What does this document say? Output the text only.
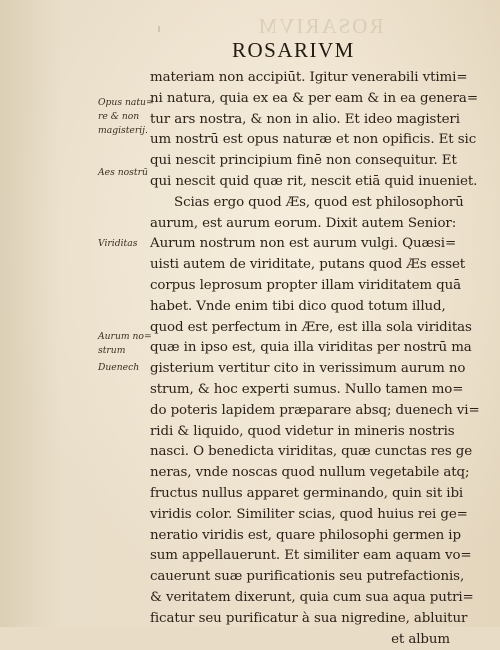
ROSARIVM
ROSARIVM
Opus natu=
re & non
magisterij.
Aes nostrū
Viriditas
Aurum no=
strum
Duenech
materiam non accipiūt. Igitur venerabili vtimi=
ni natura, quia ex ea & per eam & in ea genera=
tur ars nostra, & non in alio. Et ideo magisteri
um nostrū est opus naturæ et non opificis. Et sic
qui nescit principium finē non consequitur. Et
qui nescit quid quæ rit, nescit etiā quid inueniet.
Scias ergo quod Æs, quod est philosophorū
aurum, est aurum eorum. Dixit autem Senior:
Aurum nostrum non est aurum vulgi. Quæsi=
uisti autem de viriditate, putans quod Æs esset
corpus leprosum propter illam viriditatem quā
habet. Vnde enim tibi dico quod totum illud,
quod est perfectum in Ære, est illa sola viriditas
quæ in ipso est, quia illa viriditas per nostrū ma
gisterium vertitur cito in verissimum aurum no
strum, & hoc experti sumus. Nullo tamen mo=
do poteris lapidem præparare absq; duenech vi=
ridi & liquido, quod videtur in mineris nostris
nasci. O benedicta viriditas, quæ cunctas res ge
neras, vnde noscas quod nullum vegetabile atq;
fructus nullus apparet germinando, quin sit ibi
viridis color. Similiter scias, quod huius rei ge=
neratio viridis est, quare philosophi germen ip
sum appellauerunt. Et similiter eam aquam vo=
cauerunt suæ purificationis seu putrefactionis,
& veritatem dixerunt, quia cum sua aqua putri=
ficatur seu purificatur à sua nigredine, abluitur
et album
